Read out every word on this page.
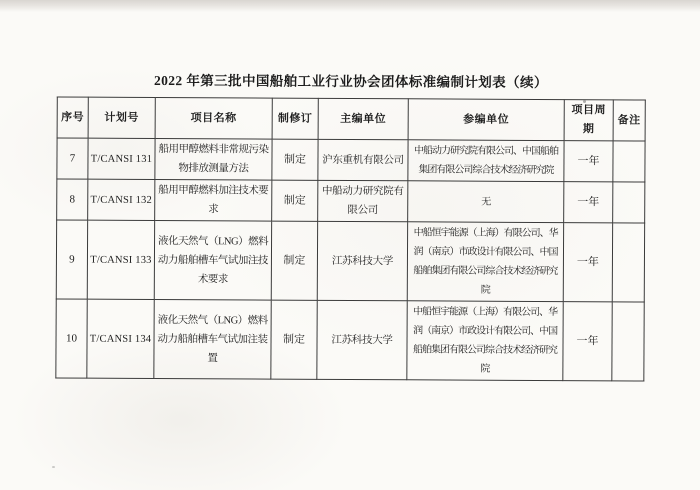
2022 年第三批中国船舶工业行业协会团体标准编制计划表（续）
序号	计划号	项目名称	制修订	主编单位	参编单位	项目周期	备注
7	T/CANSI 131	船用甲醇燃料非常规污染物排放测量方法	制定	沪东重机有限公司	中船动力研究院有限公司、中国船舶集团有限公司综合技术经济研究院	一年	
8	T/CANSI 132	船用甲醇燃料加注技术要求	制定	中船动力研究院有限公司	无	一年	
9	T/CANSI 133	液化天然气（LNG）燃料动力船舶槽车气试加注技术要求	制定	江苏科技大学	中船恒宇能源（上海）有限公司、华润（南京）市政设计有限公司、中国船舶集团有限公司综合技术经济研究院	一年	
10	T/CANSI 134	液化天然气（LNG）燃料动力船舶槽车气试加注装置	制定	江苏科技大学	中船恒宇能源（上海）有限公司、华润（南京）市政设计有限公司、中国船舶集团有限公司综合技术经济研究院	一年	
